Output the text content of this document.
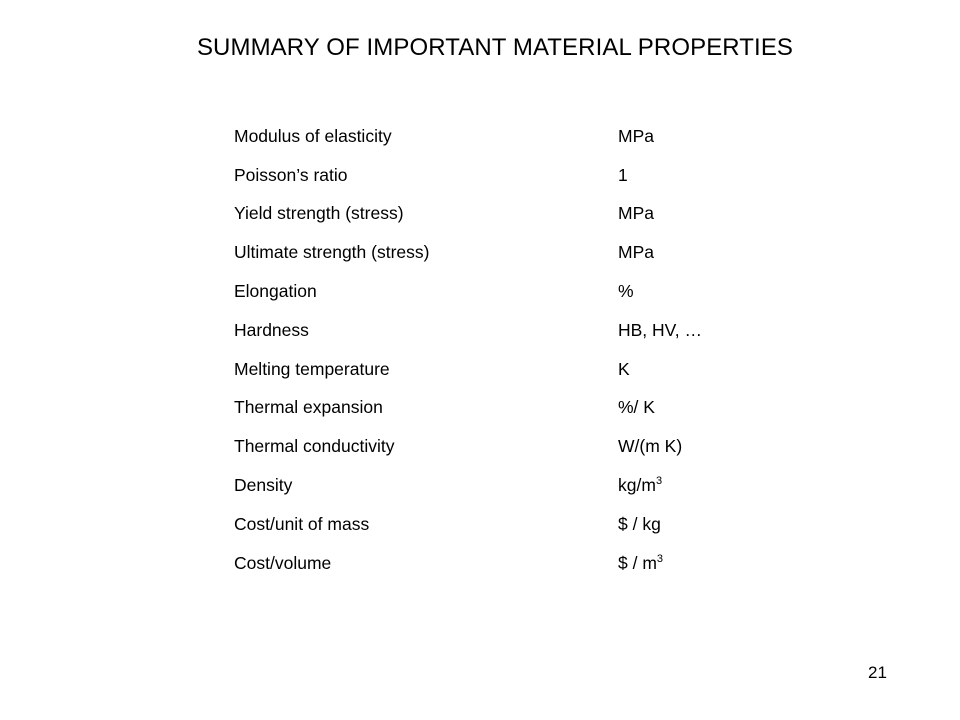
SUMMARY OF IMPORTANT MATERIAL PROPERTIES
Modulus of elasticity	MPa
Poisson’s ratio	1
Yield strength (stress)	MPa
Ultimate strength (stress)	MPa
Elongation	%
Hardness	HB, HV, …
Melting temperature	K
Thermal expansion	%/ K
Thermal conductivity	W/(m K)
Density	$kg/m^3$
Cost/unit of mass	$ / kg
Cost/volume	$ / $m^3$
21
